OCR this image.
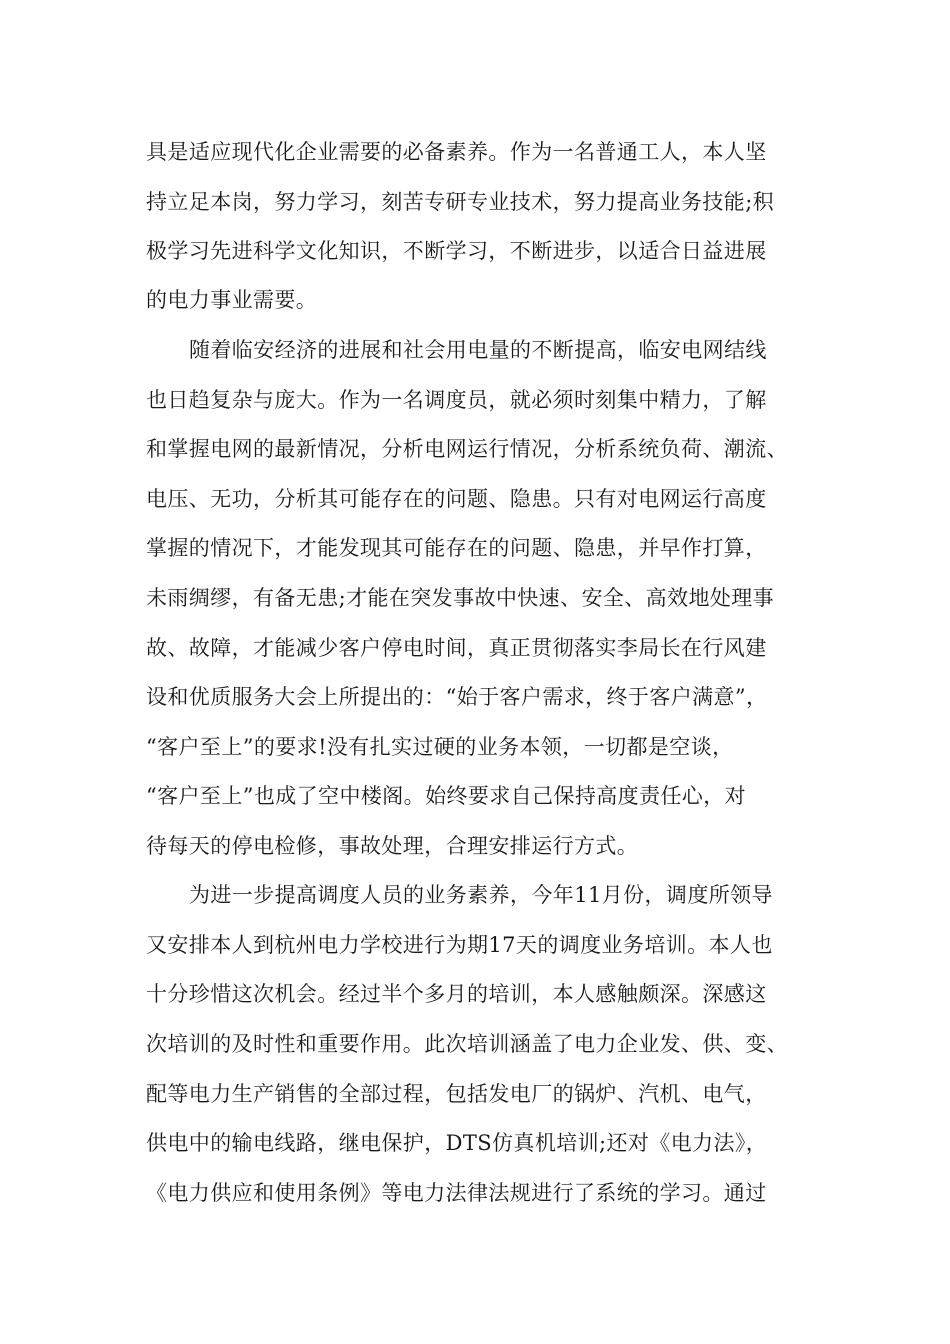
具是适应现代化企业需要的必备素养。作为一名普通工人，本人坚
持立足本岗，努力学习，刻苦专研专业技术，努力提高业务技能;积
极学习先进科学文化知识，不断学习，不断进步，以适合日益进展
的电力事业需要。
随着临安经济的进展和社会用电量的不断提高，临安电网结线
也日趋复杂与庞大。作为一名调度员，就必须时刻集中精力，了解
和掌握电网的最新情况，分析电网运行情况，分析系统负荷、潮流、
电压、无功，分析其可能存在的问题、隐患。只有对电网运行高度
掌握的情况下，才能发现其可能存在的问题、隐患，并早作打算，
未雨绸缪，有备无患;才能在突发事故中快速、安全、高效地处理事
故、故障，才能减少客户停电时间，真正贯彻落实李局长在行风建
设和优质服务大会上所提出的：“始于客户需求，终于客户满意”，
“客户至上”的要求!没有扎实过硬的业务本领，一切都是空谈，
“客户至上”也成了空中楼阁。始终要求自己保持高度责任心，对
待每天的停电检修，事故处理，合理安排运行方式。
为进一步提高调度人员的业务素养，今年11月份，调度所领导
又安排本人到杭州电力学校进行为期17天的调度业务培训。本人也
十分珍惜这次机会。经过半个多月的培训，本人感触颇深。深感这
次培训的及时性和重要作用。此次培训涵盖了电力企业发、供、变、
配等电力生产销售的全部过程，包括发电厂的锅炉、汽机、电气，
供电中的输电线路，继电保护，DTS仿真机培训;还对《电力法》，
《电力供应和使用条例》等电力法律法规进行了系统的学习。通过
